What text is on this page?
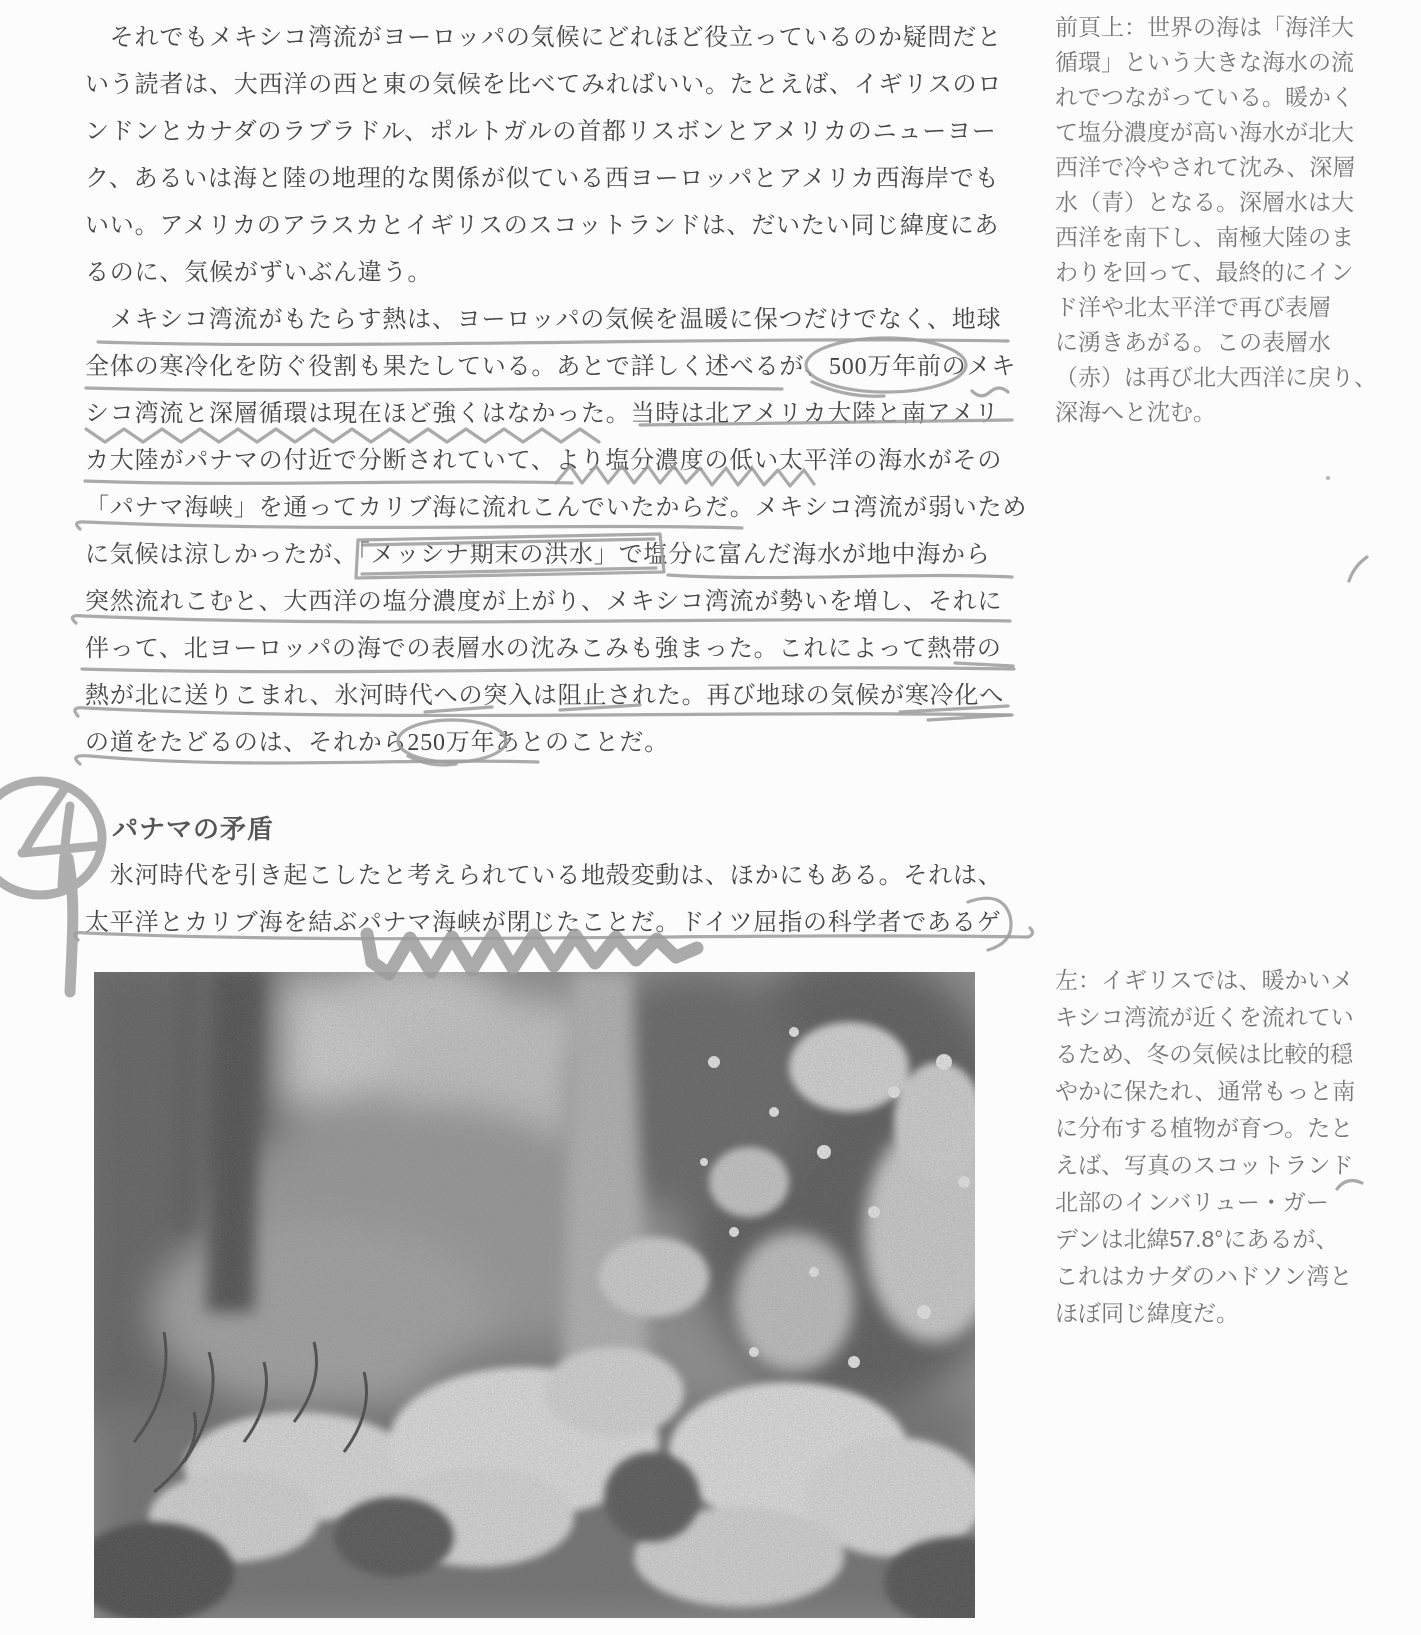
　それでもメキシコ湾流がヨーロッパの気候にどれほど役立っているのか疑問だと
いう読者は、大西洋の西と東の気候を比べてみればいい。たとえば、イギリスのロ
ンドンとカナダのラブラドル、ポルトガルの首都リスボンとアメリカのニューヨー
ク、あるいは海と陸の地理的な関係が似ている西ヨーロッパとアメリカ西海岸でも
いい。アメリカのアラスカとイギリスのスコットランドは、だいたい同じ緯度にあ
るのに、気候がずいぶん違う。
　メキシコ湾流がもたらす熱は、ヨーロッパの気候を温暖に保つだけでなく、地球
全体の寒冷化を防ぐ役割も果たしている。あとで詳しく述べるが、500万年前のメキ
シコ湾流と深層循環は現在ほど強くはなかった。当時は北アメリカ大陸と南アメリ
カ大陸がパナマの付近で分断されていて、より塩分濃度の低い太平洋の海水がその
「パナマ海峡」を通ってカリブ海に流れこんでいたからだ。メキシコ湾流が弱いため
に気候は涼しかったが、「メッシナ期末の洪水」で塩分に富んだ海水が地中海から
突然流れこむと、大西洋の塩分濃度が上がり、メキシコ湾流が勢いを増し、それに
伴って、北ヨーロッパの海での表層水の沈みこみも強まった。これによって熱帯の
熱が北に送りこまれ、氷河時代への突入は阻止された。再び地球の気候が寒冷化へ
の道をたどるのは、それから250万年あとのことだ。
パナマの矛盾
　氷河時代を引き起こしたと考えられている地殻変動は、ほかにもある。それは、
太平洋とカリブ海を結ぶパナマ海峡が閉じたことだ。ドイツ屈指の科学者であるゲ
前頁上：世界の海は「海洋大
循環」という大きな海水の流
れでつながっている。暖かく
て塩分濃度が高い海水が北大
西洋で冷やされて沈み、深層
水（青）となる。深層水は大
西洋を南下し、南極大陸のま
わりを回って、最終的にイン
ド洋や北太平洋で再び表層
に湧きあがる。この表層水
（赤）は再び北大西洋に戻り、
深海へと沈む。
左：イギリスでは、暖かいメ
キシコ湾流が近くを流れてい
るため、冬の気候は比較的穏
やかに保たれ、通常もっと南
に分布する植物が育つ。たと
えば、写真のスコットランド
北部のインバリュー・ガー
デンは北緯57.8°にあるが、
これはカナダのハドソン湾と
ほぼ同じ緯度だ。
